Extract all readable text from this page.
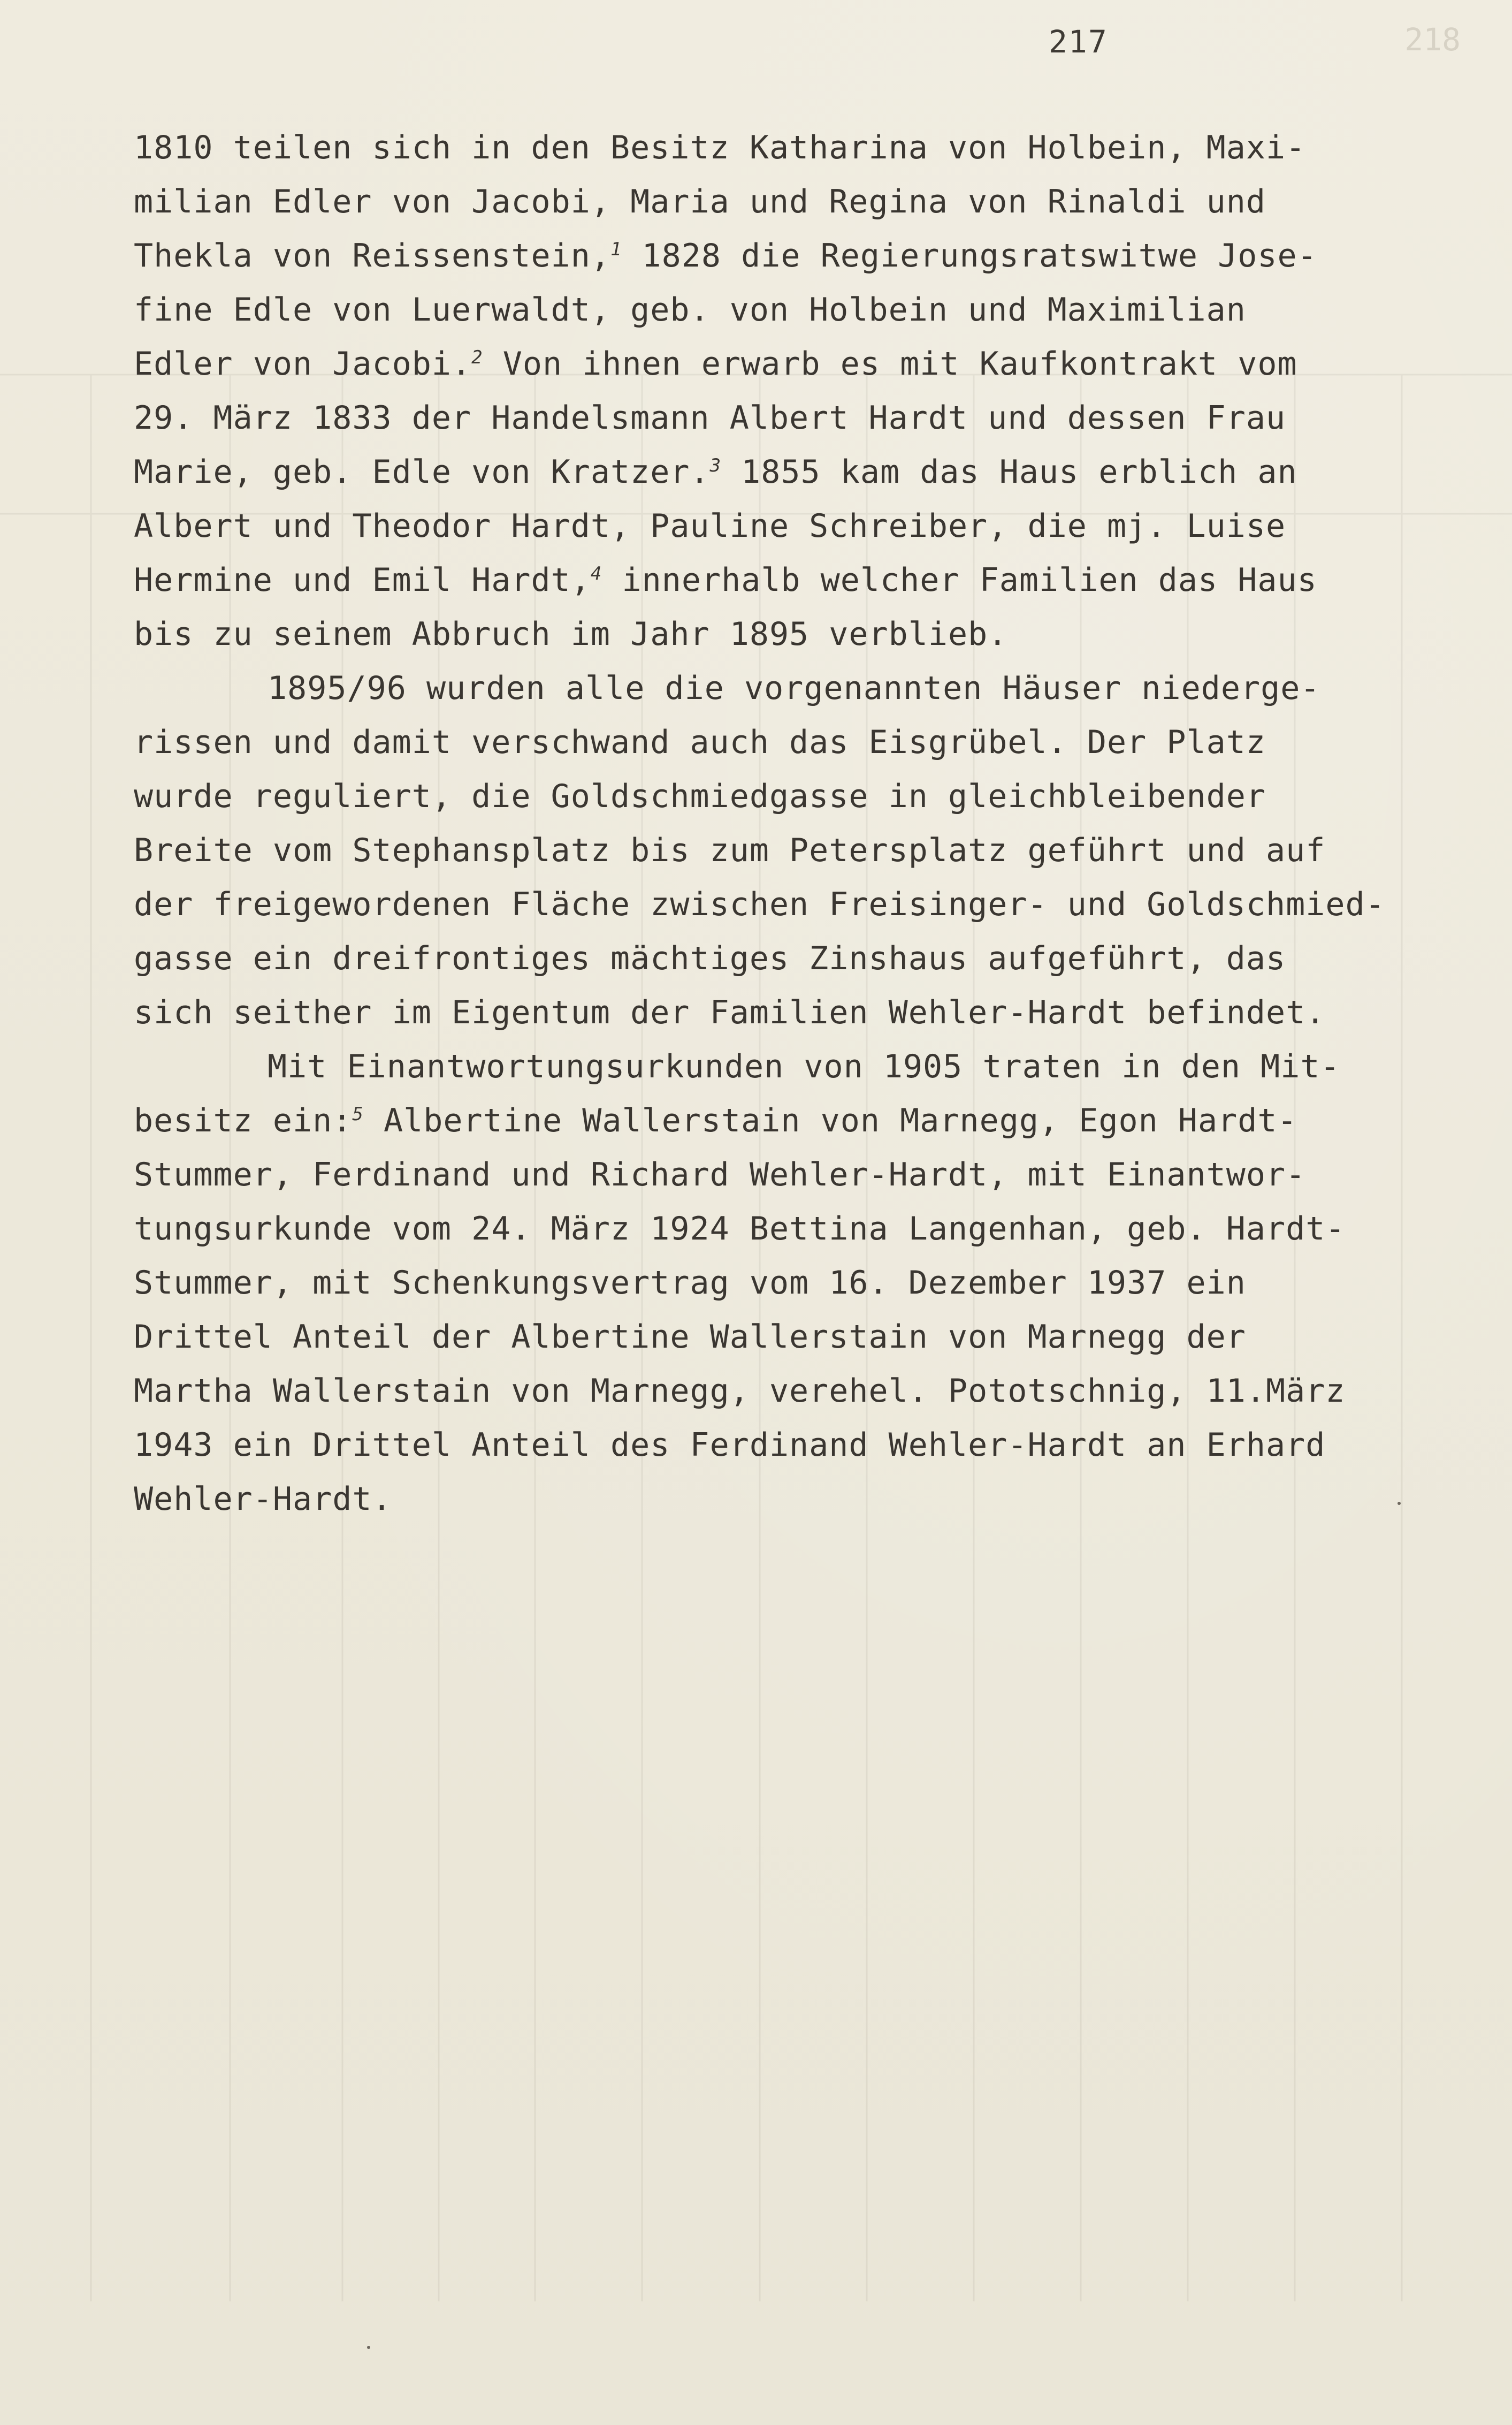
218
217
1810 teilen sich in den Besitz Katharina von Holbein, Maxi-
milian Edler von Jacobi, Maria und Regina von Rinaldi und
Thekla von Reissenstein,$^1$ 1828 die Regierungsratswitwe Jose-
fine Edle von Luerwaldt, geb. von Holbein und Maximilian
Edler von Jacobi.$^2$ Von ihnen erwarb es mit Kaufkontrakt vom
29. März 1833 der Handelsmann Albert Hardt und dessen Frau
Marie, geb. Edle von Kratzer.$^3$ 1855 kam das Haus erblich an
Albert und Theodor Hardt, Pauline Schreiber, die mj. Luise
Hermine und Emil Hardt,$^4$ innerhalb welcher Familien das Haus
bis zu seinem Abbruch im Jahr 1895 verblieb.
1895/96 wurden alle die vorgenannten Häuser niederge-
rissen und damit verschwand auch das Eisgrübel. Der Platz
wurde reguliert, die Goldschmiedgasse in gleichbleibender
Breite vom Stephansplatz bis zum Petersplatz geführt und auf
der freigewordenen Fläche zwischen Freisinger- und Goldschmied-
gasse ein dreifrontiges mächtiges Zinshaus aufgeführt, das
sich seither im Eigentum der Familien Wehler-Hardt befindet.
Mit Einantwortungsurkunden von 1905 traten in den Mit-
besitz ein:$^5$ Albertine Wallerstain von Marnegg, Egon Hardt-
Stummer, Ferdinand und Richard Wehler-Hardt, mit Einantwor-
tungsurkunde vom 24. März 1924 Bettina Langenhan, geb. Hardt-
Stummer, mit Schenkungsvertrag vom 16. Dezember 1937 ein
Drittel Anteil der Albertine Wallerstain von Marnegg der
Martha Wallerstain von Marnegg, verehel. Pototschnig, 11.März
1943 ein Drittel Anteil des Ferdinand Wehler-Hardt an Erhard
Wehler-Hardt.
